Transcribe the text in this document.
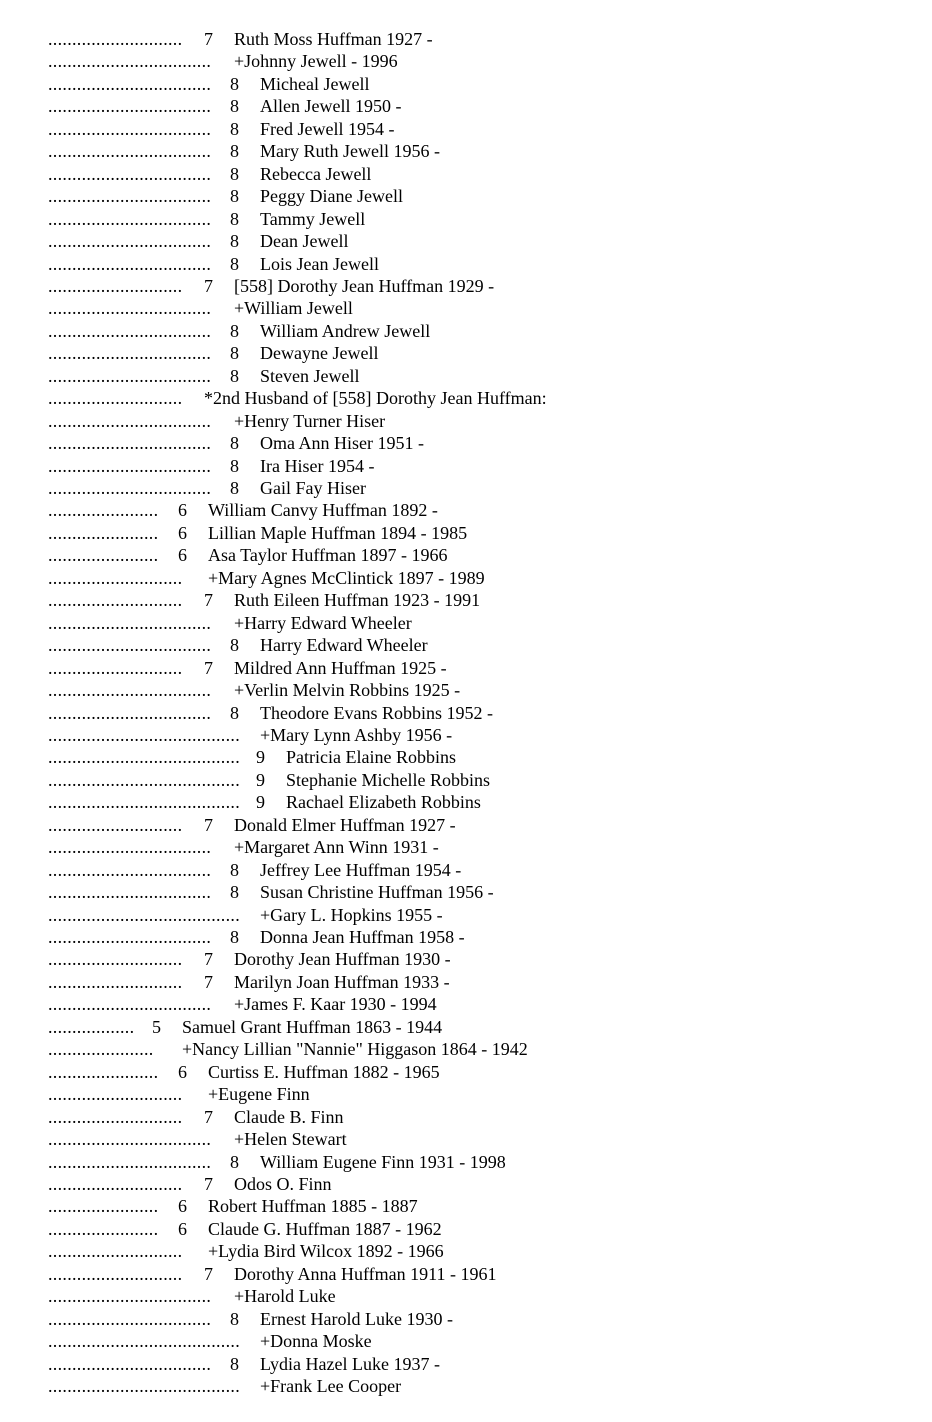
............................ 7 Ruth Moss Huffman 1927 -
.................................. +Johnny Jewell - 1996
.................................. 8 Micheal Jewell
.................................. 8 Allen Jewell 1950 -
.................................. 8 Fred Jewell 1954 -
.................................. 8 Mary Ruth Jewell 1956 -
.................................. 8 Rebecca Jewell
.................................. 8 Peggy Diane Jewell
.................................. 8 Tammy Jewell
.................................. 8 Dean Jewell
.................................. 8 Lois Jean Jewell
............................ 7 [558] Dorothy Jean Huffman 1929 -
.................................. +William Jewell
.................................. 8 William Andrew Jewell
.................................. 8 Dewayne Jewell
.................................. 8 Steven Jewell
............................ *2nd Husband of [558] Dorothy Jean Huffman:
.................................. +Henry Turner Hiser
.................................. 8 Oma Ann Hiser 1951 -
.................................. 8 Ira Hiser 1954 -
.................................. 8 Gail Fay Hiser
....................... 6 William Canvy Huffman 1892 -
....................... 6 Lillian Maple Huffman 1894 - 1985
....................... 6 Asa Taylor Huffman 1897 - 1966
............................ +Mary Agnes McClintick 1897 - 1989
............................ 7 Ruth Eileen Huffman 1923 - 1991
.................................. +Harry Edward Wheeler
.................................. 8 Harry Edward Wheeler
............................ 7 Mildred Ann Huffman 1925 -
.................................. +Verlin Melvin Robbins 1925 -
.................................. 8 Theodore Evans Robbins 1952 -
........................................ +Mary Lynn Ashby 1956 -
........................................ 9 Patricia Elaine Robbins
........................................ 9 Stephanie Michelle Robbins
........................................ 9 Rachael Elizabeth Robbins
............................ 7 Donald Elmer Huffman 1927 -
.................................. +Margaret Ann Winn 1931 -
.................................. 8 Jeffrey Lee Huffman 1954 -
.................................. 8 Susan Christine Huffman 1956 -
........................................ +Gary L. Hopkins 1955 -
.................................. 8 Donna Jean Huffman 1958 -
............................ 7 Dorothy Jean Huffman 1930 -
............................ 7 Marilyn Joan Huffman 1933 -
.................................. +James F. Kaar 1930 - 1994
.................. 5 Samuel Grant Huffman 1863 - 1944
...................... +Nancy Lillian "Nannie" Higgason 1864 - 1942
....................... 6 Curtiss E. Huffman 1882 - 1965
............................ +Eugene Finn
............................ 7 Claude B. Finn
.................................. +Helen Stewart
.................................. 8 William Eugene Finn 1931 - 1998
............................ 7 Odos O. Finn
....................... 6 Robert Huffman 1885 - 1887
....................... 6 Claude G. Huffman 1887 - 1962
............................ +Lydia Bird Wilcox 1892 - 1966
............................ 7 Dorothy Anna Huffman 1911 - 1961
.................................. +Harold Luke
.................................. 8 Ernest Harold Luke 1930 -
........................................ +Donna Moske
.................................. 8 Lydia Hazel Luke 1937 -
........................................ +Frank Lee Cooper
